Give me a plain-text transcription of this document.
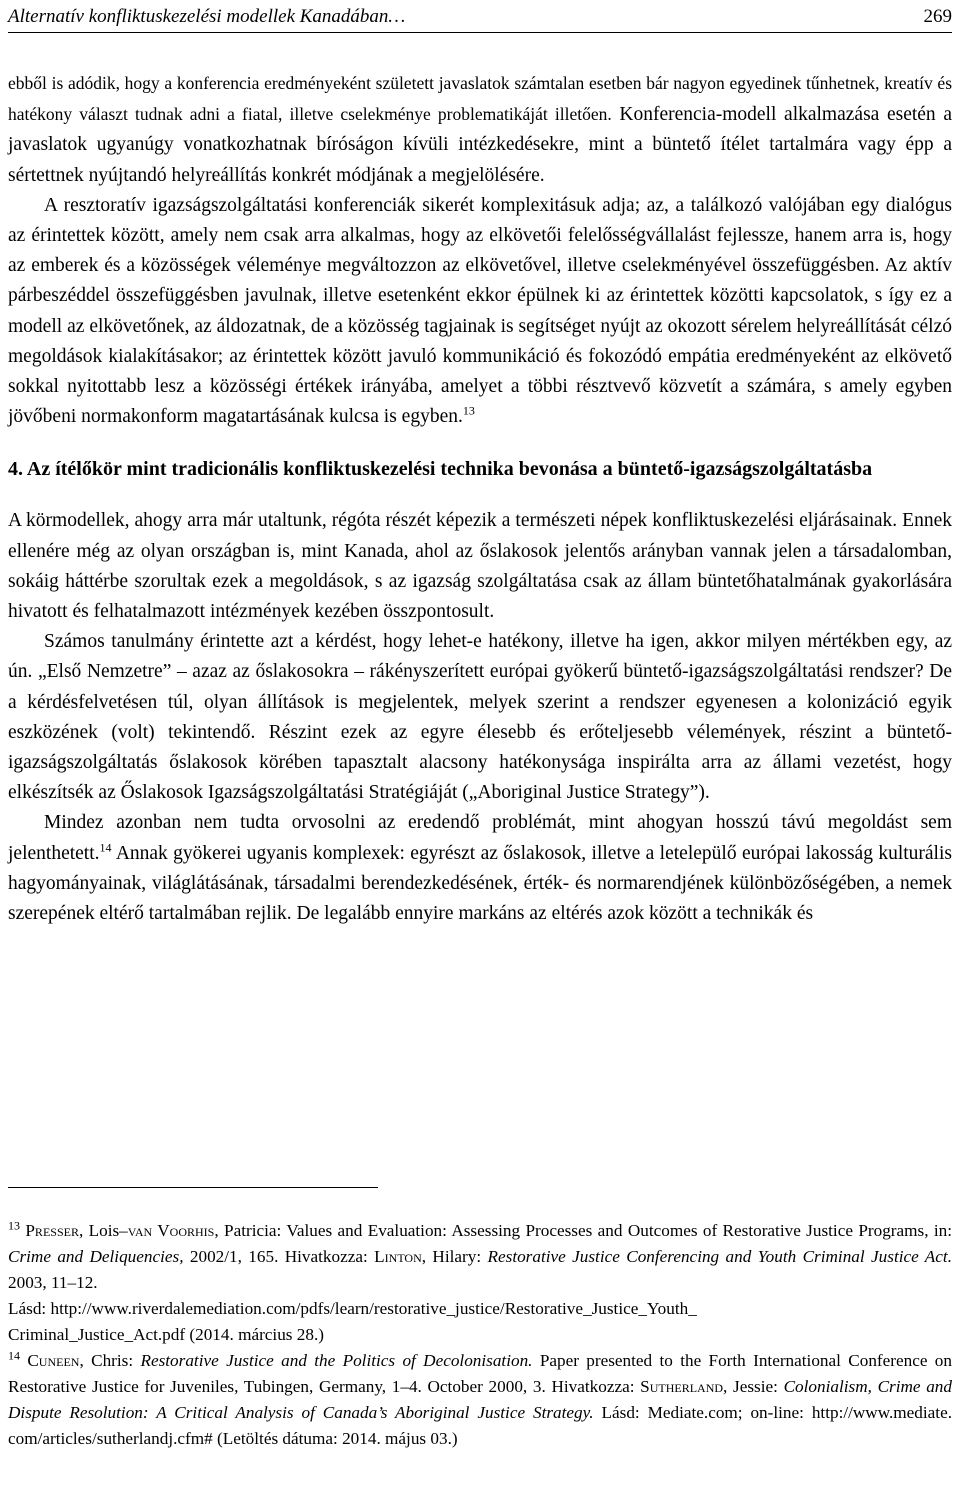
Alternatív konfliktuskezelési modellek Kanadában…	269

ebből is adódik, hogy a konferencia eredményeként született javaslatok számtalan esetben bár nagyon egyedinek tűnhetnek, kreatív és hatékony választ tudnak adni a fiatal, illetve cselekménye problematikáját illetően. Konferencia-modell alkalmazása esetén a javaslatok ugyanúgy vonatkozhatnak bíróságon kívüli intézkedésekre, mint a büntető ítélet tartalmára vagy épp a sértettnek nyújtandó helyreállítás konkrét módjának a megjelölésére.

A resztoratív igazságszolgáltatási konferenciák sikerét komplexitásuk adja; az, a találkozó valójában egy dialógus az érintettek között, amely nem csak arra alkalmas, hogy az elkövetői felelősségvállalást fejlessze, hanem arra is, hogy az emberek és a közösségek véleménye megváltozzon az elkövetővel, illetve cselekményével összefüggésben. Az aktív párbeszéddel összefüggésben javulnak, illetve esetenként ekkor épülnek ki az érintettek közötti kapcsolatok, s így ez a modell az elkövetőnek, az áldozatnak, de a közösség tagjainak is segítséget nyújt az okozott sérelem helyreállítását célzó megoldások kialakításakor; az érintettek között javuló kommunikáció és fokozódó empátia eredményeként az elkövető sokkal nyitottabb lesz a közösségi értékek irányába, amelyet a többi résztvevő közvetít a számára, s amely egyben jövőbeni normakonform magatartásának kulcsa is egyben.$^{13}$

4. Az ítélőkör mint tradicionális konfliktuskezelési technika bevonása a büntető-igazságszolgáltatásba

A körmodellek, ahogy arra már utaltunk, régóta részét képezik a természeti népek konfliktuskezelési eljárásainak. Ennek ellenére még az olyan országban is, mint Kanada, ahol az őslakosok jelentős arányban vannak jelen a társadalomban, sokáig háttérbe szorultak ezek a megoldások, s az igazság szolgáltatása csak az állam büntetőhatalmának gyakorlására hivatott és felhatalmazott intézmények kezében összpontosult.

Számos tanulmány érintette azt a kérdést, hogy lehet-e hatékony, illetve ha igen, akkor milyen mértékben egy, az ún. „Első Nemzetre” – azaz az őslakosokra – rákényszerített európai gyökerű büntető-igazságszolgáltatási rendszer? De a kérdésfelvetésen túl, olyan állítások is megjelentek, melyek szerint a rendszer egyenesen a kolonizáció egyik eszközének (volt) tekintendő. Részint ezek az egyre élesebb és erőteljesebb vélemények, részint a büntető-igazságszolgáltatás őslakosok körében tapasztalt alacsony hatékonysága inspirálta arra az állami vezetést, hogy elkészítsék az Őslakosok Igazságszolgáltatási Stratégiáját („Aboriginal Justice Strategy”).

Mindez azonban nem tudta orvosolni az eredendő problémát, mint ahogyan hosszú távú megoldást sem jelenthetett.$^{14}$ Annak gyökerei ugyanis komplexek: egyrészt az őslakosok, illetve a letelepülő európai lakosság kulturális hagyományainak, világlátásának, társadalmi berendezkedésének, érték- és normarendjének különbözőségében, a nemek szerepének eltérő tartalmában rejlik. De legalább ennyire markáns az eltérés azok között a technikák és

$^{13}$ Presser, Lois–van Voorhis, Patricia: Values and Evaluation: Assessing Processes and Outcomes of Restorative Justice Programs, in: Crime and Deliquencies, 2002/1, 165. Hivatkozza: Linton, Hilary: Restorative Justice Conferencing and Youth Criminal Justice Act. 2003, 11–12.
Lásd: http://www.riverdalemediation.com/pdfs/learn/restorative_justice/Restorative_Justice_Youth_
Criminal_Justice_Act.pdf (2014. március 28.)

$^{14}$ Cuneen, Chris: Restorative Justice and the Politics of Decolonisation. Paper presented to the Forth International Conference on Restorative Justice for Juveniles, Tubingen, Germany, 1–4. October 2000, 3. Hivatkozza: Sutherland, Jessie: Colonialism, Crime and Dispute Resolution: A Critical Analysis of Canada’s Aboriginal Justice Strategy. Lásd: Mediate.com; on-line: http://www.mediate. com/articles/sutherlandj.cfm# (Letöltés dátuma: 2014. május 03.)
